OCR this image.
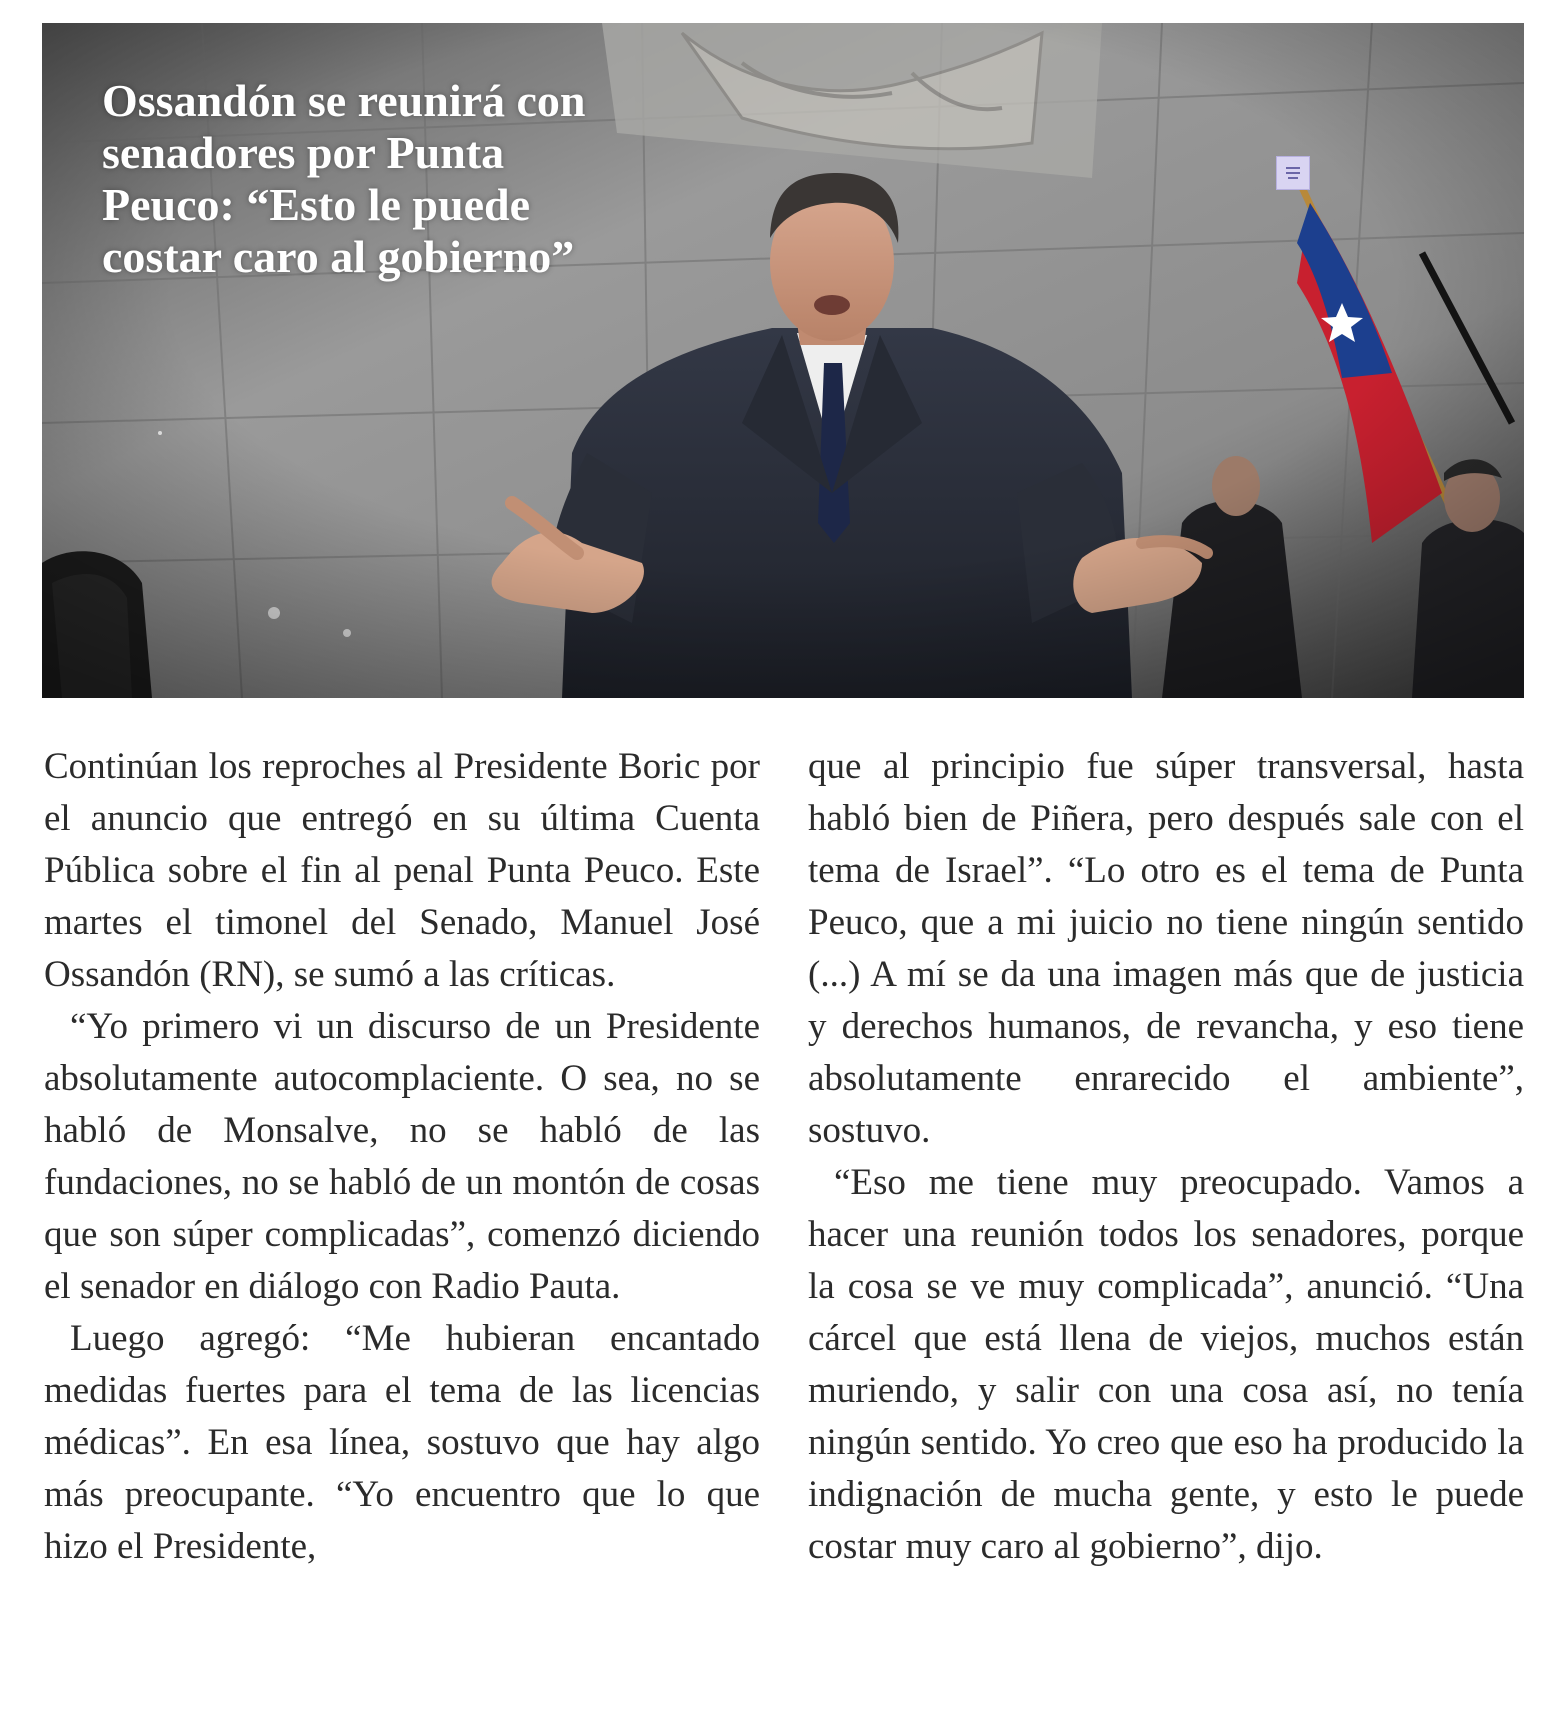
Ossandón se reunirá con senadores por Punta Peuco: “Esto le puede costar caro al gobierno”

Continúan los reproches al Presidente Boric por el anuncio que entregó en su última Cuenta Pública sobre el fin al penal Punta Peuco. Este martes el timonel del Senado, Manuel José Ossandón (RN), se sumó a las críticas.

“Yo primero vi un discurso de un Presidente absolutamente autocomplaciente. O sea, no se habló de Monsalve, no se habló de las fundaciones, no se habló de un montón de cosas que son súper complicadas”, comenzó diciendo el senador en diálogo con Radio Pauta.

Luego agregó: “Me hubieran encantado medidas fuertes para el tema de las licencias médicas”. En esa línea, sostuvo que hay algo más preocupante. “Yo encuentro que lo que hizo el Presidente,

que al principio fue súper transversal, hasta habló bien de Piñera, pero después sale con el tema de Israel”. “Lo otro es el tema de Punta Peuco, que a mi juicio no tiene ningún sentido (...) A mí se da una imagen más que de justicia y derechos humanos, de revancha, y eso tiene absolutamente enrarecido el ambiente”, sostuvo.

“Eso me tiene muy preocupado. Vamos a hacer una reunión todos los senadores, porque la cosa se ve muy complicada”, anunció. “Una cárcel que está llena de viejos, muchos están muriendo, y salir con una cosa así, no tenía ningún sentido. Yo creo que eso ha producido la indignación de mucha gente, y esto le puede costar muy caro al gobierno”, dijo.
